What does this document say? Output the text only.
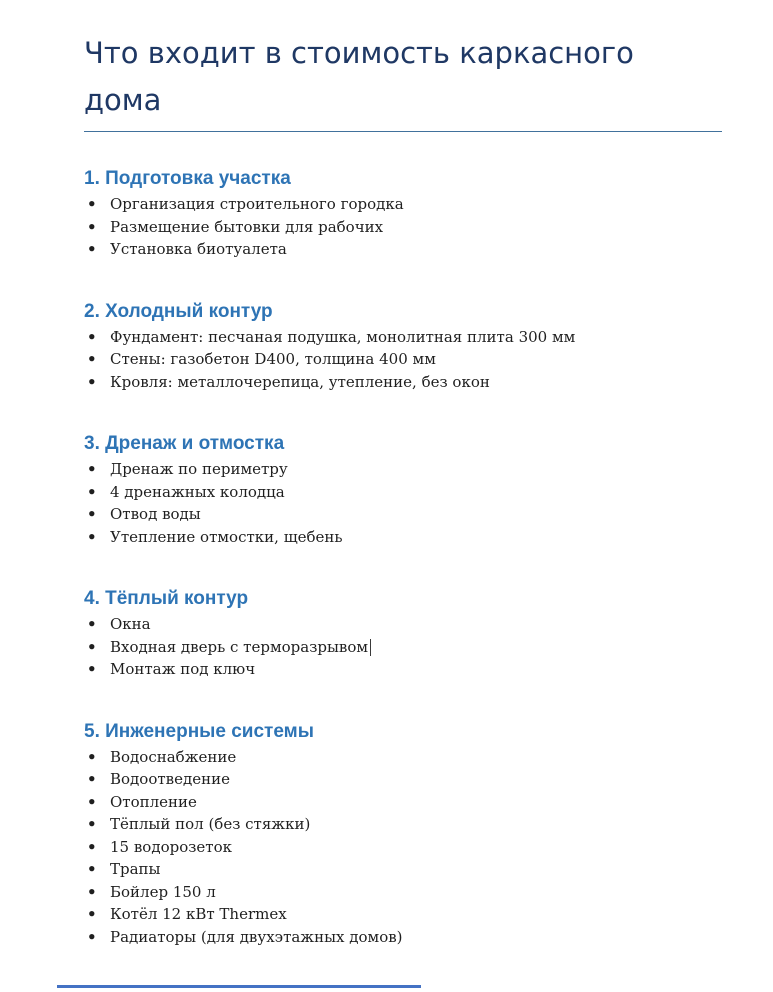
Что входит в стоимость каркасного дома
1. Подготовка участка
• Организация строительного городка
• Размещение бытовки для рабочих
• Установка биотуалета
2. Холодный контур
• Фундамент: песчаная подушка, монолитная плита 300 мм
• Стены: газобетон D400, толщина 400 мм
• Кровля: металлочерепица, утепление, без окон
3. Дренаж и отмостка
• Дренаж по периметру
• 4 дренажных колодца
• Отвод воды
• Утепление отмостки, щебень
4. Тёплый контур
• Окна
• Входная дверь с терморазрывом
• Монтаж под ключ
5. Инженерные системы
• Водоснабжение
• Водоотведение
• Отопление
• Тёплый пол (без стяжки)
• 15 водорозеток
• Трапы
• Бойлер 150 л
• Котёл 12 кВт Thermex
• Радиаторы (для двухэтажных домов)
